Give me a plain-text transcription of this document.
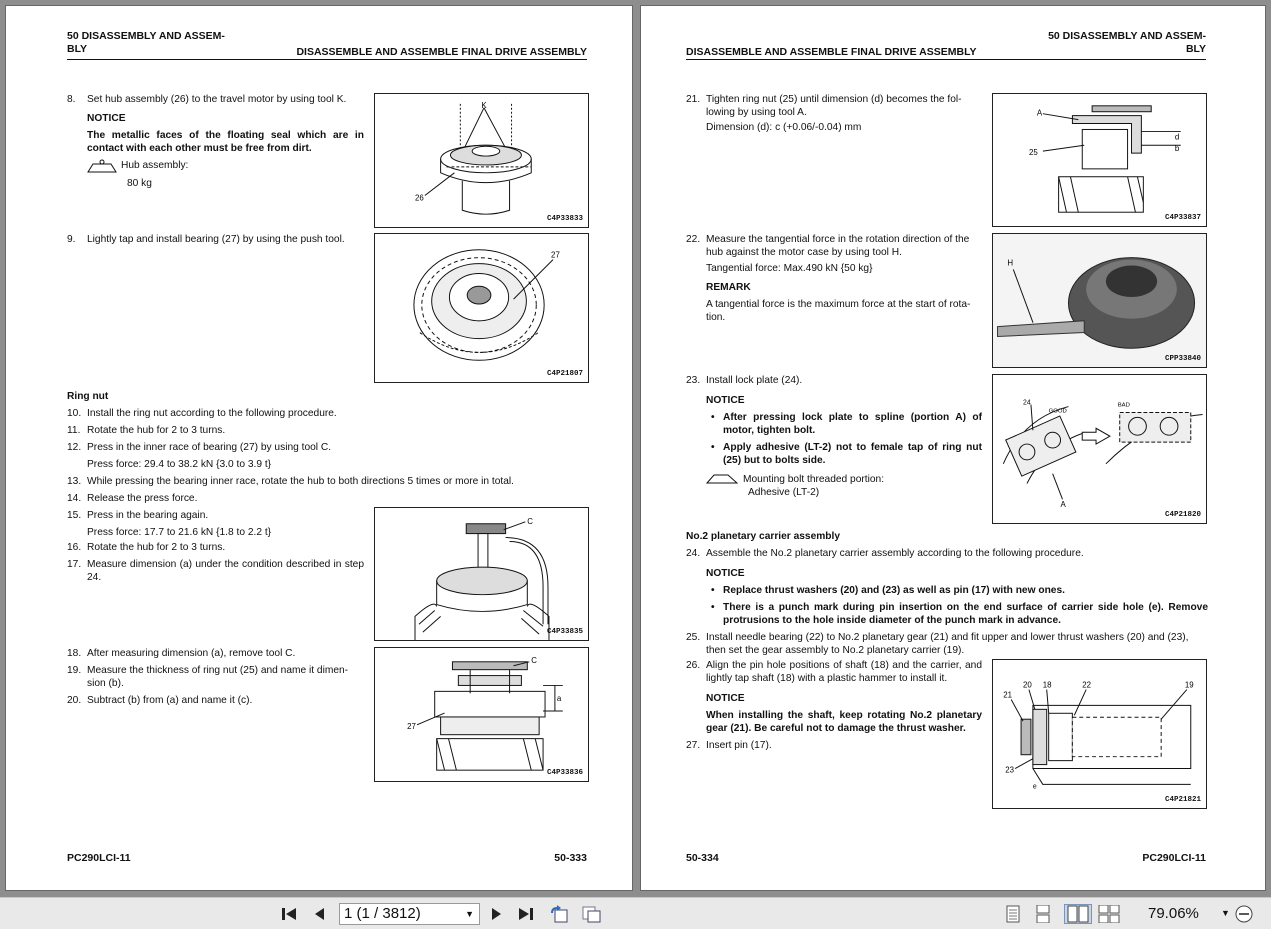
50 DISASSEMBLY AND ASSEM-
BLY	DISASSEMBLE AND ASSEMBLE FINAL DRIVE ASSEMBLY
8. Set hub assembly (26) to the travel motor by using tool K.
NOTICE
The metallic faces of the floating seal which are in contact with each other must be free from dirt.
Hub assembly:
80 kg
K
26
C4P33833
9. Lightly tap and install bearing (27) by using the push tool.
27
C4P21807
Ring nut
10. Install the ring nut according to the following procedure.
11. Rotate the hub for 2 to 3 turns.
12. Press in the inner race of bearing (27) by using tool C.
Press force: 29.4 to 38.2 kN {3.0 to 3.9 t}
13. While pressing the bearing inner race, rotate the hub to both directions 5 times or more in total.
14. Release the press force.
15. Press in the bearing again.
Press force: 17.7 to 21.6 kN {1.8 to 2.2 t}
16. Rotate the hub for 2 to 3 turns.
17. Measure dimension (a) under the condition described in step 24.
C
C4P33835
18. After measuring dimension (a), remove tool C.
19. Measure the thickness of ring nut (25) and name it dimen-sion (b).
20. Subtract (b) from (a) and name it (c).
C
a
27
C4P33836
PC290LCI-11	50-333
DISASSEMBLE AND ASSEMBLE FINAL DRIVE ASSEMBLY
50 DISASSEMBLY AND ASSEM-
BLY
21. Tighten ring nut (25) until dimension (d) becomes the fol-lowing by using tool A.
Dimension (d): c (+0.06/-0.04) mm
A
25
d
b
C4P33837
22. Measure the tangential force in the rotation direction of the hub against the motor case by using tool H.
Tangential force: Max.490 kN {50 kg}
REMARK
A tangential force is the maximum force at the start of rota-tion.
H
CPP33840
23. Install lock plate (24).
NOTICE
• After pressing lock plate to spline (portion A) of motor, tighten bolt.
• Apply adhesive (LT-2) not to female tap of ring nut (25) but to bolts side.
Mounting bolt threaded portion:
Adhesive (LT-2)
24
GOOD
BAD
A
C4P21820
No.2 planetary carrier assembly
24. Assemble the No.2 planetary carrier assembly according to the following procedure.
NOTICE
• Replace thrust washers (20) and (23) as well as pin (17) with new ones.
• There is a punch mark during pin insertion on the end surface of carrier side hole (e). Remove protrusions to the hole inside diameter of the punch mark in advance.
25. Install needle bearing (22) to No.2 planetary gear (21) and fit upper and lower thrust washers (20) and (23), then set the gear assembly to No.2 planetary carrier (19).
26. Align the pin hole positions of shaft (18) and the carrier, and lightly tap shaft (18) with a plastic hammer to install it.
NOTICE
When installing the shaft, keep rotating No.2 planetary gear (21). Be careful not to damage the thrust washer.
27. Insert pin (17).
20 18	22	19
21
23
e
C4P21821
50-334	PC290LCI-11
1 (1 / 3812)	▼	79.06% ▼
